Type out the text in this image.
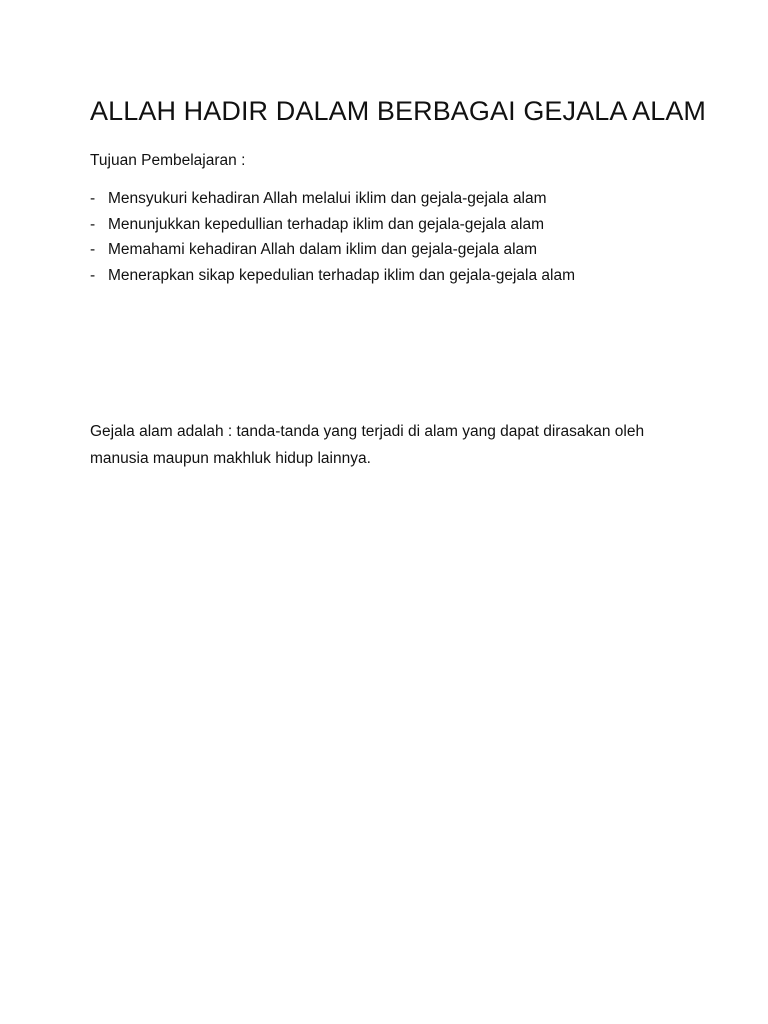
ALLAH HADIR DALAM BERBAGAI GEJALA ALAM

Tujuan Pembelajaran :

- Mensyukuri kehadiran Allah melalui iklim dan gejala-gejala alam
- Menunjukkan kepedullian terhadap iklim dan gejala-gejala alam
- Memahami kehadiran Allah dalam iklim dan gejala-gejala alam
- Menerapkan sikap kepedulian terhadap iklim dan gejala-gejala alam

Gejala alam adalah : tanda-tanda yang terjadi di alam yang dapat dirasakan oleh
manusia maupun makhluk hidup lainnya.
